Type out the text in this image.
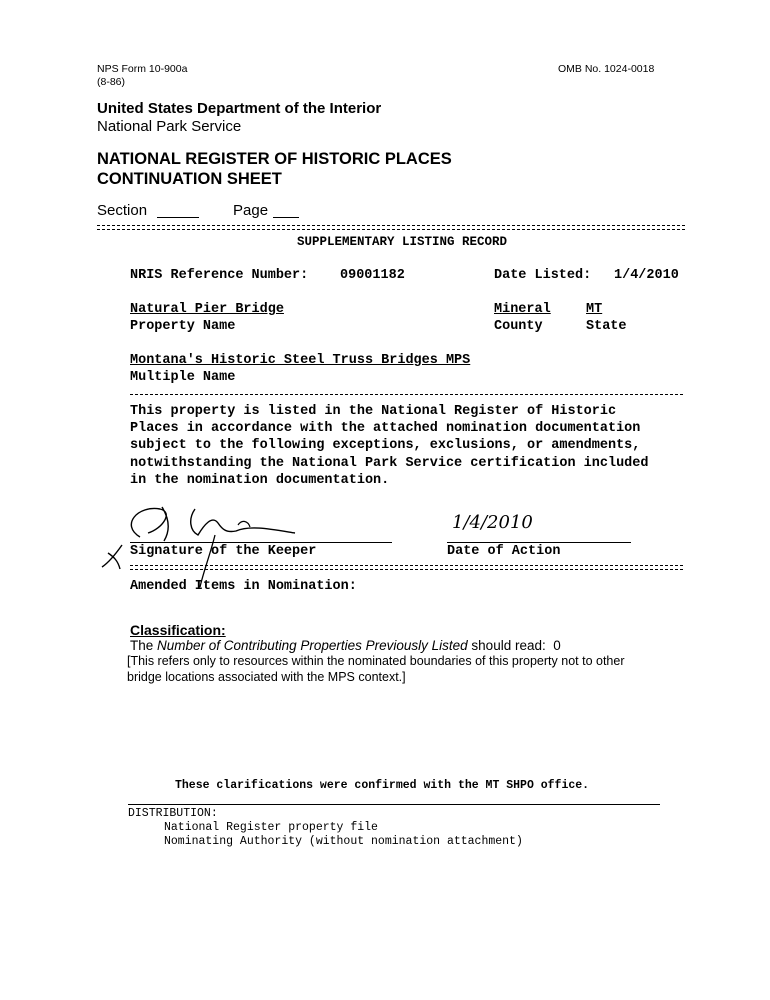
NPS Form 10-900a
(8-86)
OMB No. 1024-0018
United States Department of the Interior
National Park Service
NATIONAL REGISTER OF HISTORIC PLACES
CONTINUATION SHEET
Section	Page
SUPPLEMENTARY LISTING RECORD
NRIS Reference Number: 09001182	Date Listed: 1/4/2010
Natural Pier Bridge
Property Name
Mineral
County
MT
State
Montana's Historic Steel Truss Bridges MPS
Multiple Name
This property is listed in the National Register of Historic
Places in accordance with the attached nomination documentation
subject to the following exceptions, exclusions, or amendments,
notwithstanding the National Park Service certification included
in the nomination documentation.
Signature of the Keeper
1/4/2010
Date of Action
Amended Items in Nomination:
Classification:
The Number of Contributing Properties Previously Listed should read:  0
[This refers only to resources within the nominated boundaries of this property not to other
bridge locations associated with the MPS context.]
These clarifications were confirmed with the MT SHPO office.
DISTRIBUTION:
National Register property file
Nominating Authority (without nomination attachment)
